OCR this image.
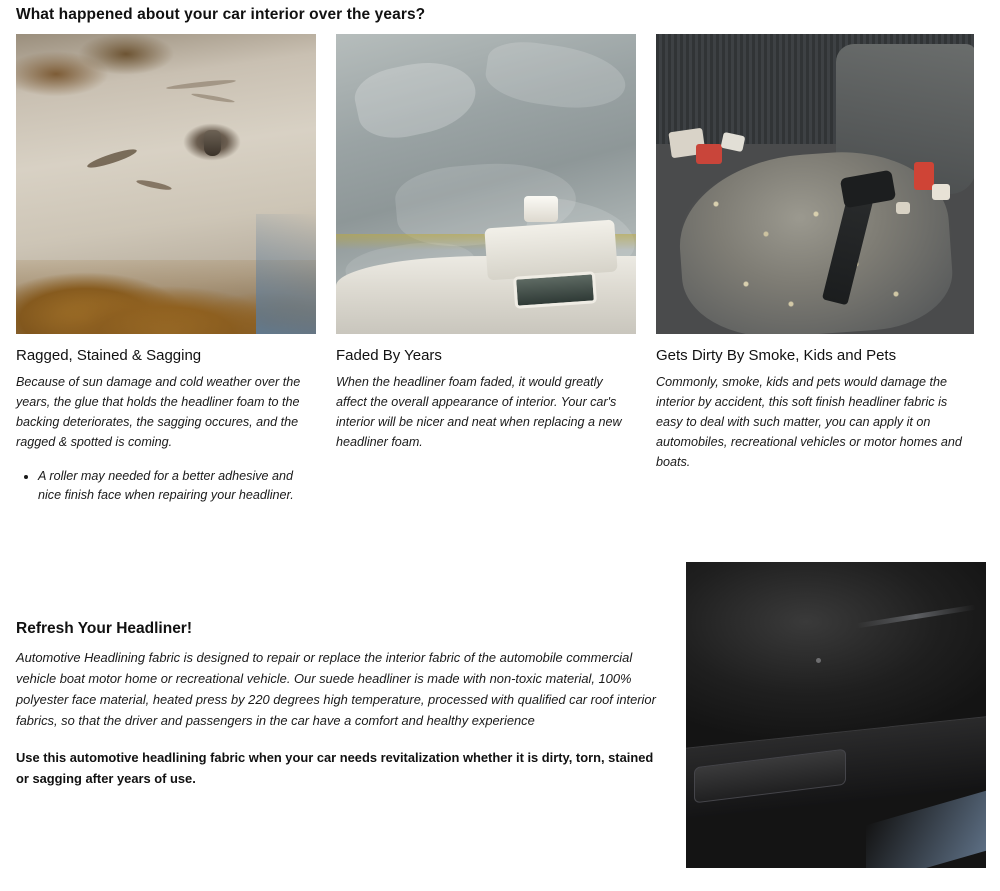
What happened about your car interior over the years?
Ragged, Stained & Sagging
Because of sun damage and cold weather over the years, the glue that holds the headliner foam to the backing deteriorates, the sagging occures, and the ragged & spotted is coming.
• A roller may needed for a better adhesive and nice finish face when repairing your headliner.
Faded By Years
When the headliner foam faded, it would greatly affect the overall appearance of interior. Your car's interior will be nicer and neat when replacing a new headliner foam.
Gets Dirty By Smoke, Kids and Pets
Commonly, smoke, kids and pets would damage the interior by accident, this soft finish headliner fabric is easy to deal with such matter, you can apply it on automobiles, recreational vehicles or motor homes and boats.
Refresh Your Headliner!

Automotive Headlining fabric is designed to repair or replace the interior fabric of the automobile commercial vehicle boat motor home or recreational vehicle. Our suede headliner is made with non-toxic material, 100% polyester face material, heated press by 220 degrees high temperature, processed with qualified car roof interior fabrics, so that the driver and passengers in the car have a comfort and healthy experience

Use this automotive headlining fabric when your car needs revitalization whether it is dirty, torn, stained or sagging after years of use.
